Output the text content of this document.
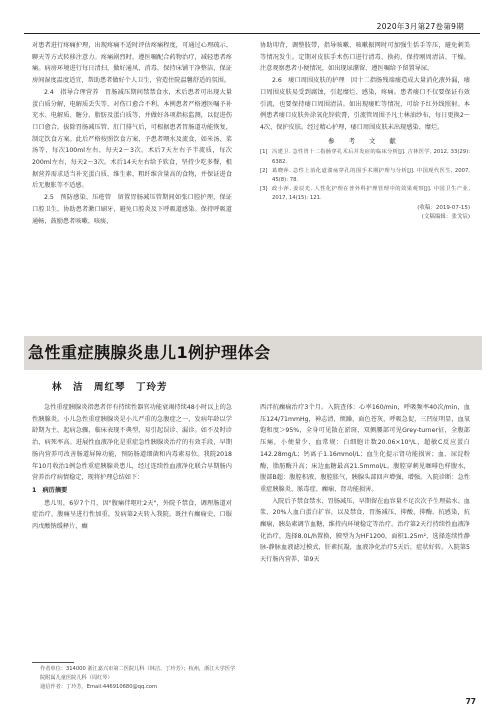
2020年3月第27卷第9期

对患者进行疼痛护理，出现疼痛不适时评估疼痛程度，可通过心理疏示、聊天等方式转移注意力。疼痛剧烈时，遵医嘱配合药物治疗，减轻患者疼痛。病房环境进行每日清扫，做好通风、消毒，保持床铺干净整洁，保证房间湿度温度适宜，帮助患者做好个人卫生，营造住院温馨舒适的氛围。

2.4　指导合理营养　胃肠减压期间禁禁食水，术后患者可出现大量蛋白质分解，电解质丢失等，对伤口愈合不利。本例患者严格遵医嘱予补充水、电解质、糖分、脂肪及蛋白质等，并做好各项指标监测，以促进伤口口愈合。拔除胃肠减压管、肛门排气后，可根据患者胃肠道功能恢复，制定饮食方案。此后严格按照饮食方案，予患者喂水及流食，如米汤、菜汤等，每次100ml左右，每天2～3次。术后7天左右予半流质，每次200ml左右，每天2～3次。术后14天左右给予软食，坚持少吃多餐，根据营养需求适当补充蛋白质、维生素、粗纤维含量高的食物，并保证进食后无腹胀等不适感。

2.5　预防感染、压疮管　留置胃肠减压管期间如张口腔护理，保证口腔卫生，协助患者漱口刷牙，避免口腔炎及下呼吸道感染。保持呼吸道通畅，鼓励患者咳嗽、咳痰，

协助叩背，调整肢带，指导咳嗽、咳嗽振网时可加强生恬手等压，避免刺美等情况发生。定期对皮肤手术伤口进行清毒、换药，保持刚周清洁、干燥。注意观察患者小便情况，如出现尿潴留、遵医嘱给予留置导尿。

2.6　瘘口周围皮肤的护理　因十二指肠残端瘘造成大量消化液外漏，瘘口周围皮肤易受到腐蚀，引起糜烂、感染，疼痛。患者瘘口不仅要保证有效引流，也要保持瘘口周围清洁。如出现瘘贮等情况，可给予红外线照射。本例患者瘘口皮肤外涂氧化锌软膏，引流管周围予凡士林油纱布，每日更换2～4次，保护皮肤。经过精心护理，瘘口周围皮肤未出现感染、糜烂。

参 考 文 献
[1] 冯建卫. 急性胃十二指肠穿孔术后并发症的临床分析[J]. 吉林医学, 2012, 33(29): 6382.
[2] 葛晓萍. 急性上消化道溃疡穿孔的围手术期护理与分析[J]. 中国现代医生, 2007, 45(8): 78.
[3] 政小萍, 姜辰光. 人性化护理在普外科护理管理中的效果观察[J]. 中国卫生产业, 2017, 14(15): 121.

(收稿：2019-07-15)

(文稿编辑：张戈宸)

急性重症胰腺炎患儿1例护理体会
林　洁　周红琴　丁玲芳

急性重症胰腺炎指患者伴有持续性器官功能衰竭持续48小时以上的急性胰腺炎。小儿急性重症胰腺炎是小儿严重的急腹症之一，发病年龄以学龄期为主，起病急骤，临床表现不典型，易引起误诊、漏诊。如不及时诊治，病死率高。进展性血液净化是重症急性胰腺炎治疗的有效手段，早期肠内营养可改善肠道屏障功能，预防肠道细菌和内毒素易位。我院2018年10月收治1例急性重症胰腺炎患儿，经过连续性血液净化联合早期肠内营养治疗病情稳定，现将护理总结如下：

1　病历摘要

患儿男，6岁7个月，因"腹痛伴呕吐2天"，外院予禁食，调理肠道对症治疗，腹痛呈进行性加重，发病第2天转入我院。既往有癫痫史，口服丙戊酸钠缓释片，癫

西泮抗癫痫治疗3个月。入院查体：心率160/min，呼吸频率40次/min，血压124/71mmHg，神志清，烦躁，面色苍灰，呼吸急促，三凹征明显，血氧饱和度＞95%，全身可见散在淤斑，双侧腰部可见Grey-turner征，全腹部压痛，小便量少，血常规：白细胞计数20.06×10⁹/L，超敏C反应蛋白142.28mg/L；钙离子1.16mmol/L；血生化提示肾功能损害；血、尿淀粉酶，脂肪酶升高；床边血糖最高21.5mmol/L。腹腔穿刺见咖啡色样腹水，腹部B超：腹腔积液，腹腔胀气，胰腺头部回声增强，增强。入院诊断：急性重症胰腺炎、脓毒症、癫痫、肾功能损害。

入院后予禁食禁水、胃肠减压，早期留在血容量不足次次予生理盐水、血浆、20%人血白蛋白扩容，以及禁食，胃肠减压，抑酸、抑酶、抗感染，抗癫痫，胰岛素调节血糖，维持内环境稳定等治疗。治疗第2天行持续性血液净化治疗，选择8.0L/h置换，膜型为为HF1200，面积1.25m²，选择连续性静脉-静脉血液滤过模式，肝素抗凝，血液净化治疗5天后，症状好转。入院第5天行肠内营养，第9天

作者单位：314000 浙江嘉兴市第二医院儿科（林洁、丁玲芳）；杭州，浙江大学医学院附属儿童医院儿科（周红琴）

通信作者：丁玲芳，Email:446910680@qq.com

77
